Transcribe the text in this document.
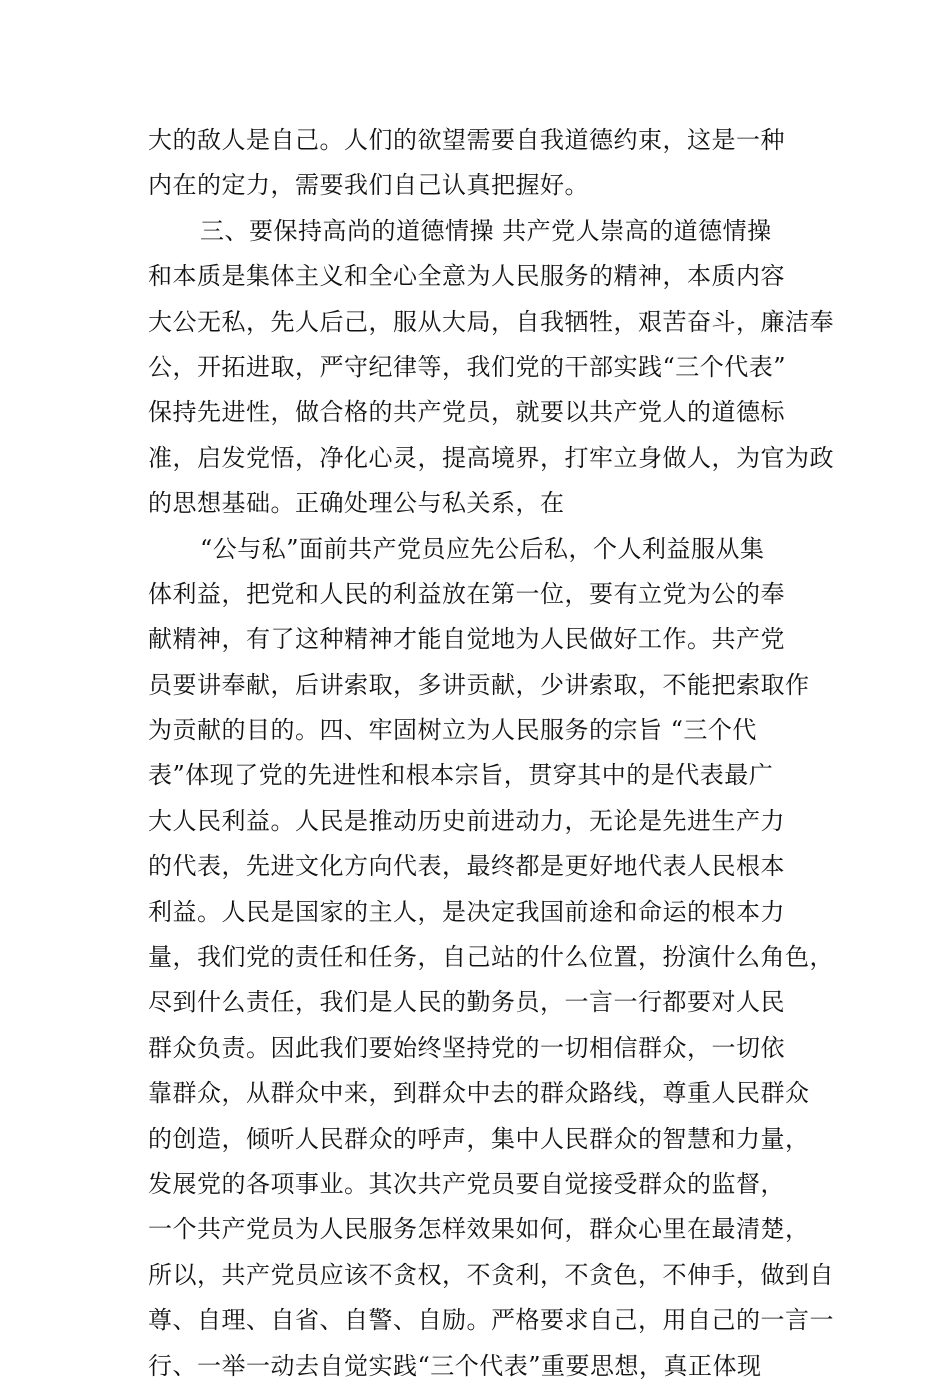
大的敌人是自己。人们的欲望需要自我道德约束，这是一种
内在的定力，需要我们自己认真把握好。
三、要保持高尚的道德情操 共产党人崇高的道德情操
和本质是集体主义和全心全意为人民服务的精神，本质内容
大公无私，先人后己，服从大局，自我牺牲，艰苦奋斗，廉洁奉
公，开拓进取，严守纪律等，我们党的干部实践“三个代表”
保持先进性，做合格的共产党员，就要以共产党人的道德标
准，启发党悟，净化心灵，提高境界，打牢立身做人，为官为政
的思想基础。正确处理公与私关系，在
“公与私”面前共产党员应先公后私，个人利益服从集
体利益，把党和人民的利益放在第一位，要有立党为公的奉
献精神，有了这种精神才能自觉地为人民做好工作。共产党
员要讲奉献，后讲索取，多讲贡献，少讲索取，不能把索取作
为贡献的目的。四、牢固树立为人民服务的宗旨 “三个代
表”体现了党的先进性和根本宗旨，贯穿其中的是代表最广
大人民利益。人民是推动历史前进动力，无论是先进生产力
的代表，先进文化方向代表，最终都是更好地代表人民根本
利益。人民是国家的主人，是决定我国前途和命运的根本力
量，我们党的责任和任务，自己站的什么位置，扮演什么角色，
尽到什么责任，我们是人民的勤务员，一言一行都要对人民
群众负责。因此我们要始终坚持党的一切相信群众，一切依
靠群众，从群众中来，到群众中去的群众路线，尊重人民群众
的创造，倾听人民群众的呼声，集中人民群众的智慧和力量，
发展党的各项事业。其次共产党员要自觉接受群众的监督，
一个共产党员为人民服务怎样效果如何，群众心里在最清楚，
所以，共产党员应该不贪权，不贪利，不贪色，不伸手，做到自
尊、自理、自省、自警、自励。严格要求自己，用自己的一言一
行、一举一动去自觉实践“三个代表”重要思想，真正体现
